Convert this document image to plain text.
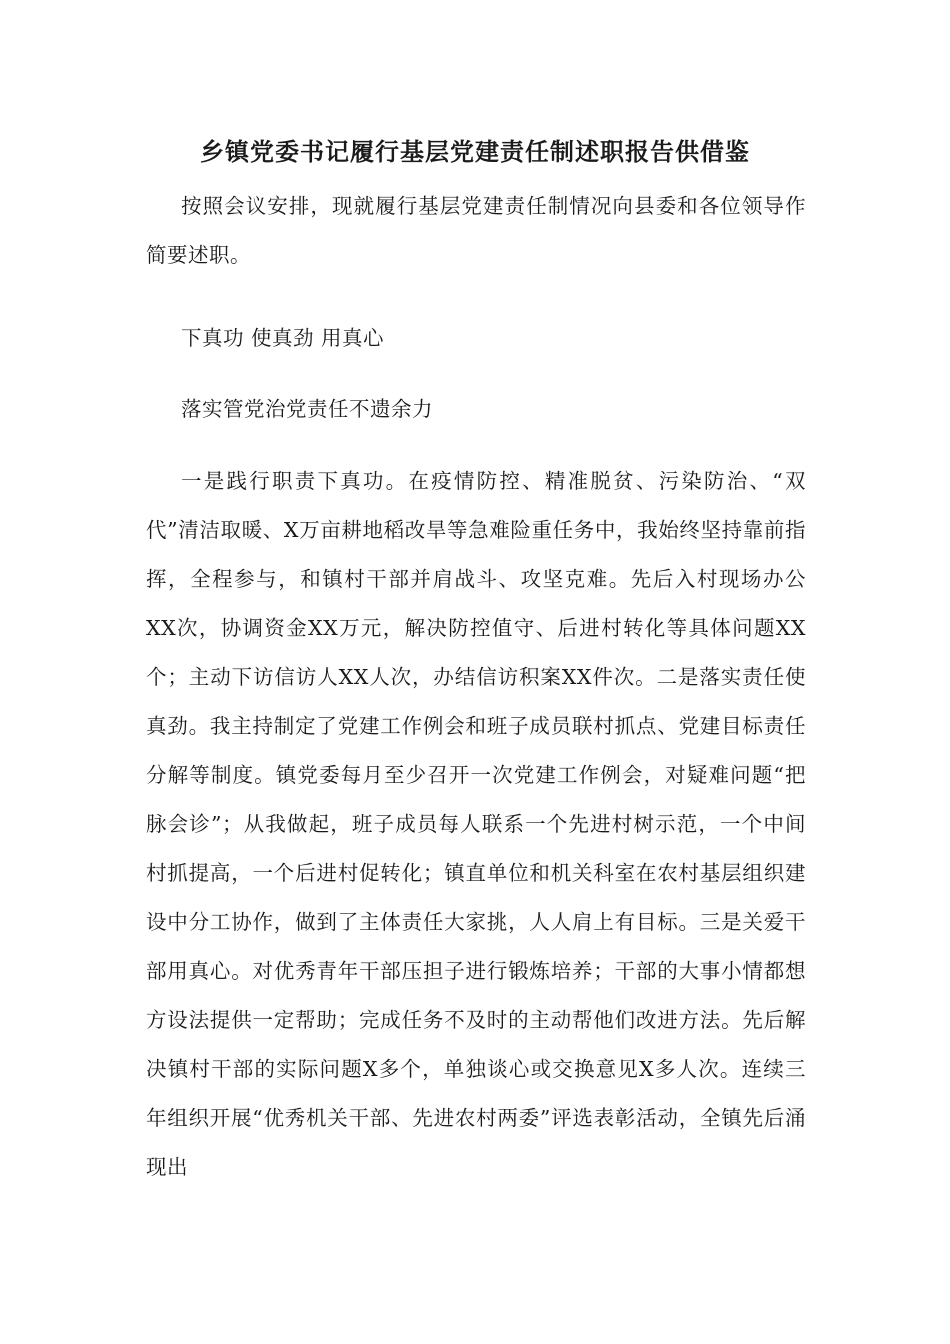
乡镇党委书记履行基层党建责任制述职报告供借鉴

按照会议安排，现就履行基层党建责任制情况向县委和各位领导作简要述职。

下真功 使真劲 用真心

落实管党治党责任不遗余力

一是践行职责下真功。在疫情防控、精准脱贫、污染防治、“双代”清洁取暖、X万亩耕地稻改旱等急难险重任务中，我始终坚持靠前指挥，全程参与，和镇村干部并肩战斗、攻坚克难。先后入村现场办公XX次，协调资金XX万元，解决防控值守、后进村转化等具体问题XX个；主动下访信访人XX人次，办结信访积案XX件次。二是落实责任使真劲。我主持制定了党建工作例会和班子成员联村抓点、党建目标责任分解等制度。镇党委每月至少召开一次党建工作例会，对疑难问题“把脉会诊”；从我做起，班子成员每人联系一个先进村树示范，一个中间村抓提高，一个后进村促转化；镇直单位和机关科室在农村基层组织建设中分工协作，做到了主体责任大家挑，人人肩上有目标。三是关爱干部用真心。对优秀青年干部压担子进行锻炼培养；干部的大事小情都想方设法提供一定帮助；完成任务不及时的主动帮他们改进方法。先后解决镇村干部的实际问题X多个，单独谈心或交换意见X多人次。连续三年组织开展“优秀机关干部、先进农村两委”评选表彰活动，全镇先后涌现出
